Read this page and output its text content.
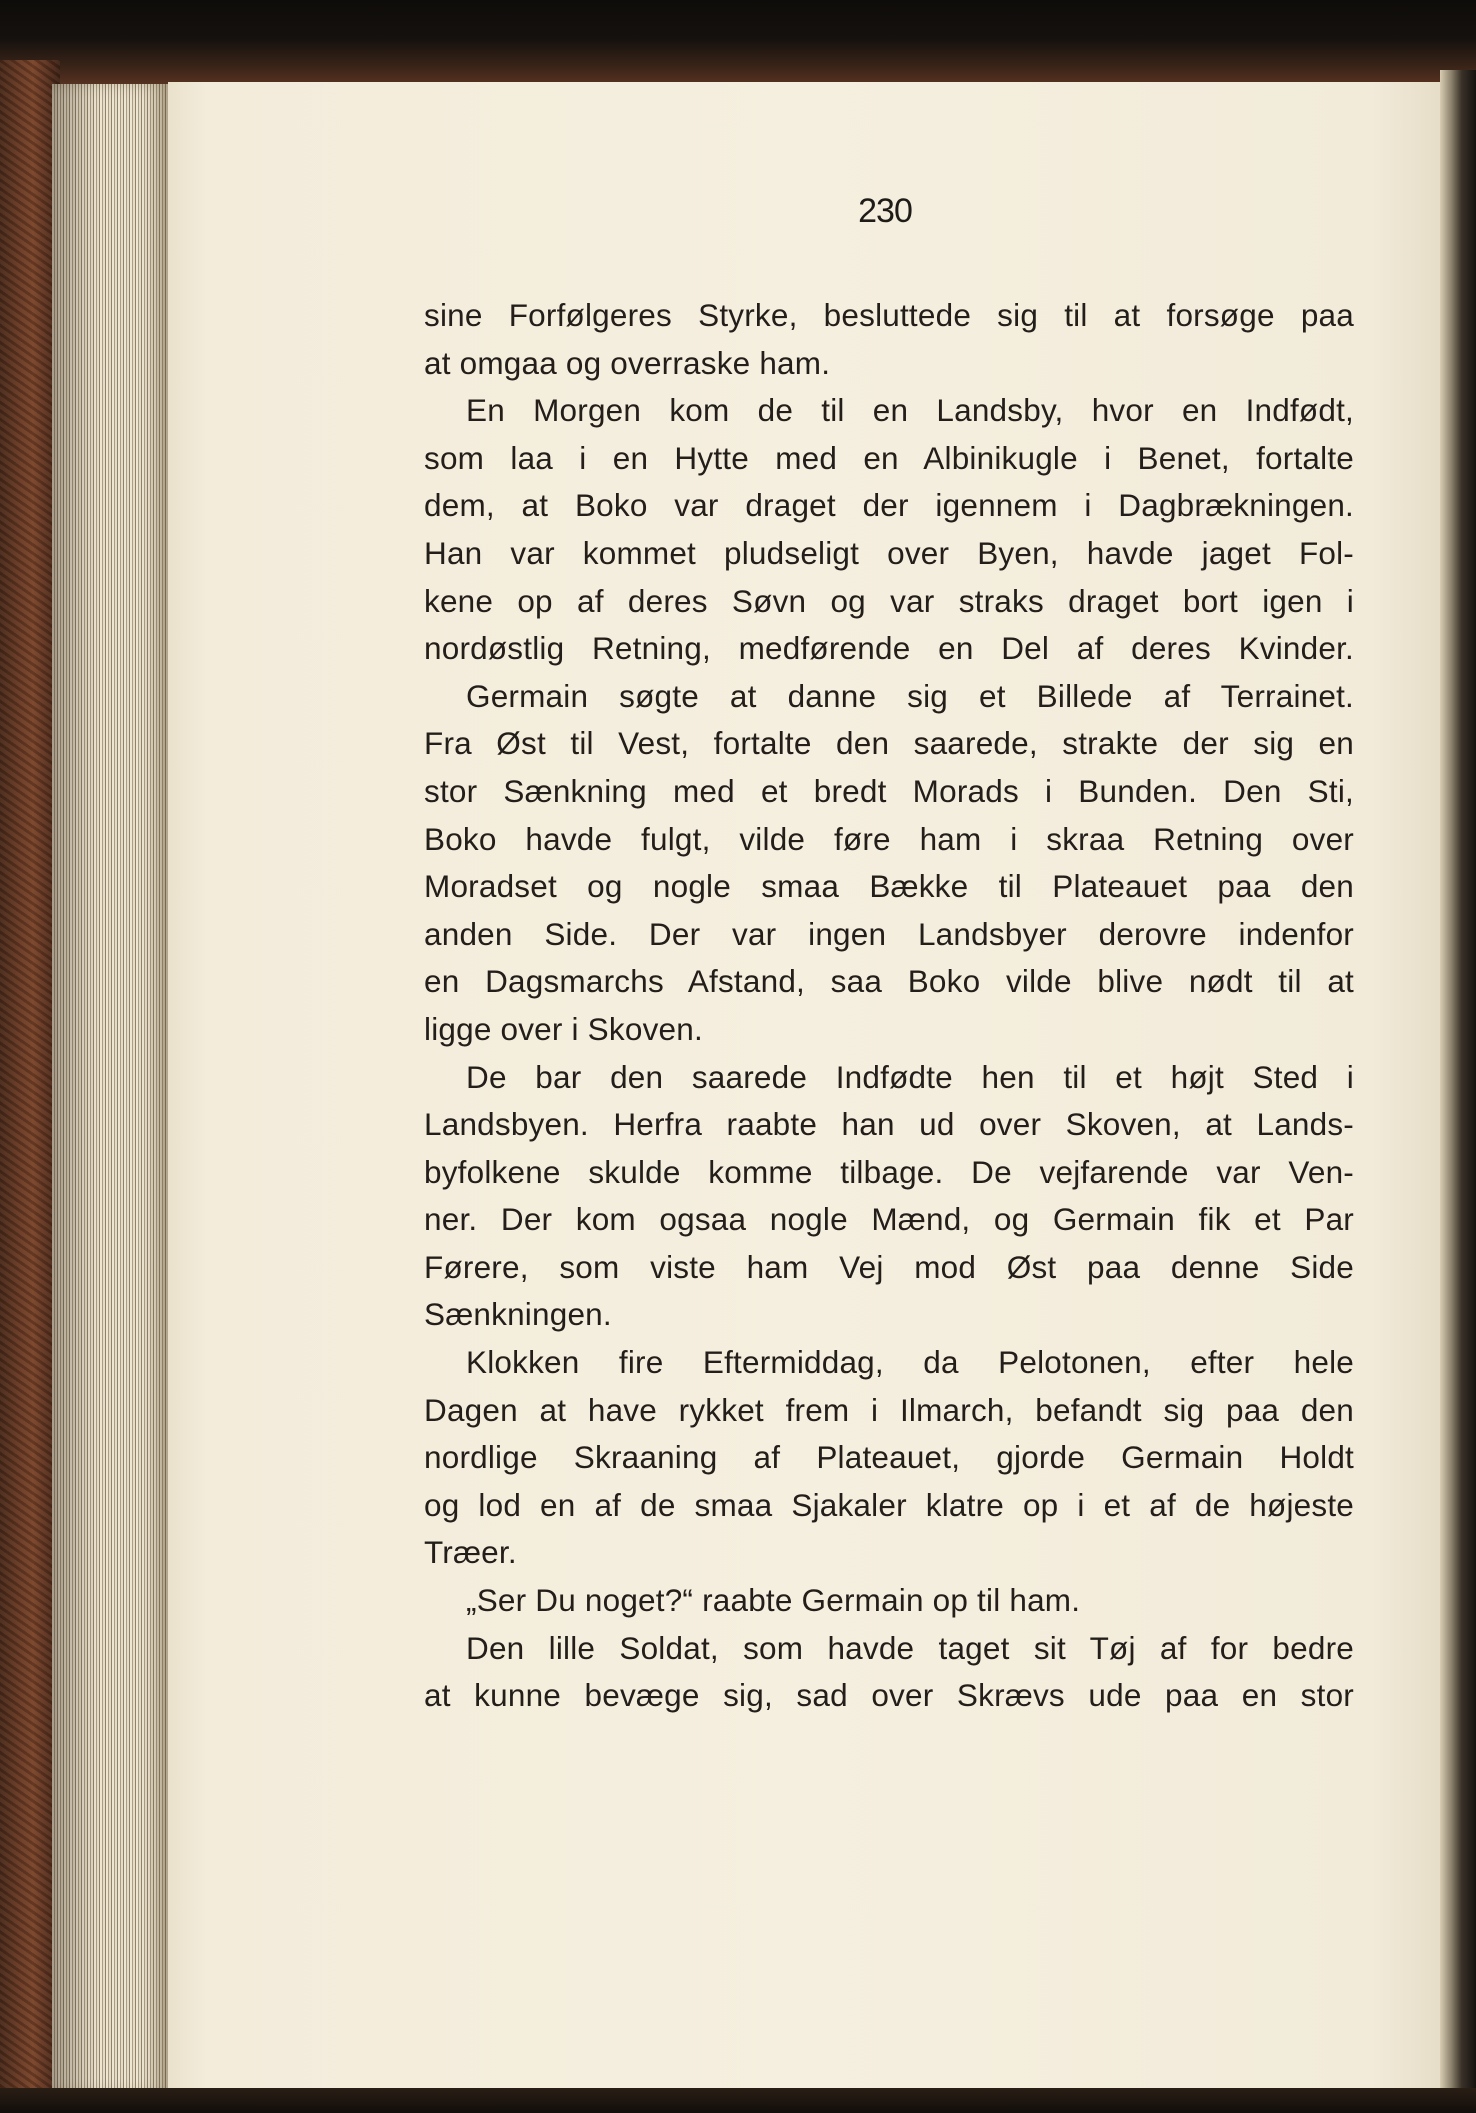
230
sine Forfølgeres Styrke, besluttede sig til at forsøge paa
at omgaa og overraske ham.
En Morgen kom de til en Landsby, hvor en Indfødt,
som laa i en Hytte med en Albinikugle i Benet, fortalte
dem, at Boko var draget der igennem i Dagbrækningen.
Han var kommet pludseligt over Byen, havde jaget Fol-
kene op af deres Søvn og var straks draget bort igen i
nordøstlig Retning, medførende en Del af deres Kvinder.
Germain søgte at danne sig et Billede af Terrainet.
Fra Øst til Vest, fortalte den saarede, strakte der sig en
stor Sænkning med et bredt Morads i Bunden. Den Sti,
Boko havde fulgt, vilde føre ham i skraa Retning over
Moradset og nogle smaa Bække til Plateauet paa den
anden Side. Der var ingen Landsbyer derovre indenfor
en Dagsmarchs Afstand, saa Boko vilde blive nødt til at
ligge over i Skoven.
De bar den saarede Indfødte hen til et højt Sted i
Landsbyen. Herfra raabte han ud over Skoven, at Lands-
byfolkene skulde komme tilbage. De vejfarende var Ven-
ner. Der kom ogsaa nogle Mænd, og Germain fik et Par
Førere, som viste ham Vej mod Øst paa denne Side
Sænkningen.
Klokken fire Eftermiddag, da Pelotonen, efter hele
Dagen at have rykket frem i Ilmarch, befandt sig paa den
nordlige Skraaning af Plateauet, gjorde Germain Holdt
og lod en af de smaa Sjakaler klatre op i et af de højeste
Træer.
„Ser Du noget?“ raabte Germain op til ham.
Den lille Soldat, som havde taget sit Tøj af for bedre
at kunne bevæge sig, sad over Skrævs ude paa en stor
